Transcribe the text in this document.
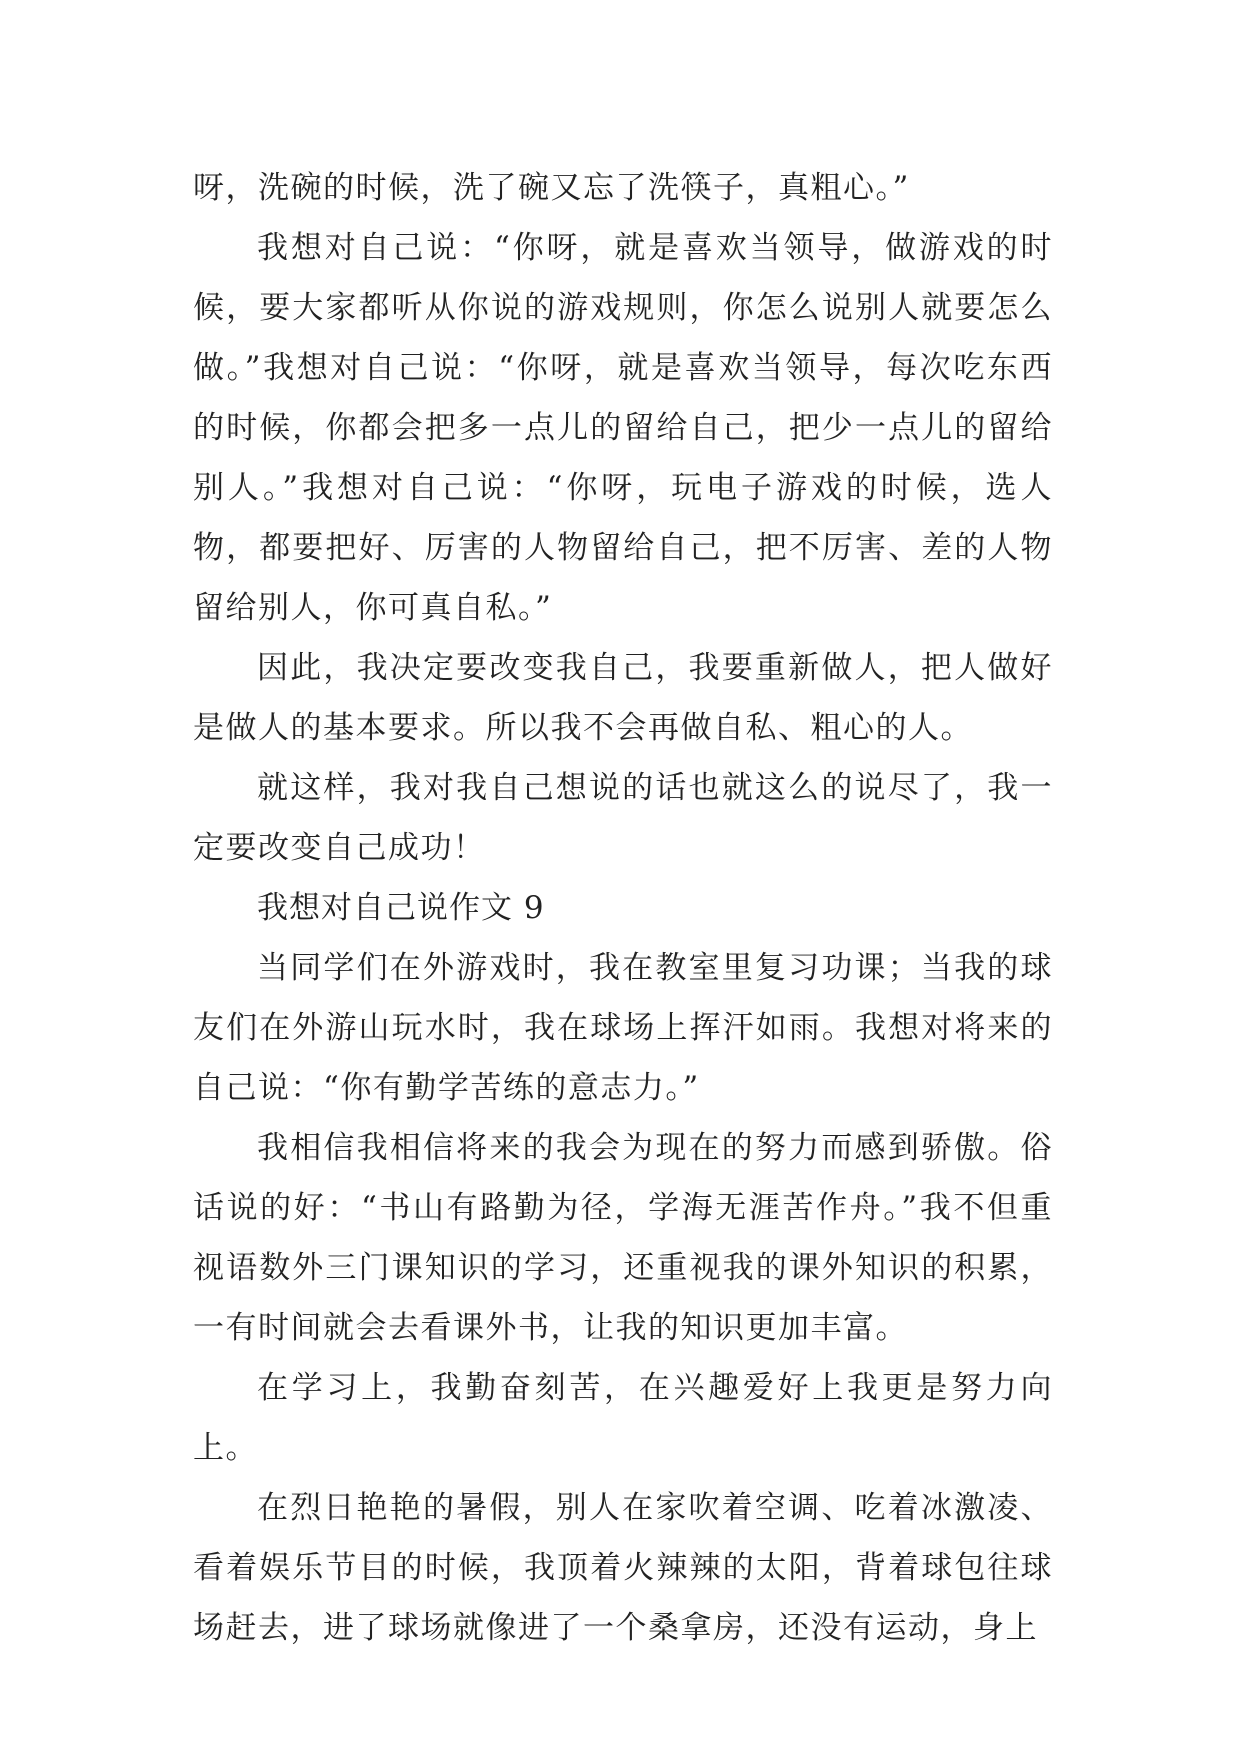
呀，洗碗的时候，洗了碗又忘了洗筷子，真粗心。”

我想对自己说：“你呀，就是喜欢当领导，做游戏的时候，要大家都听从你说的游戏规则，你怎么说别人就要怎么做。”我想对自己说：“你呀，就是喜欢当领导，每次吃东西的时候，你都会把多一点儿的留给自己，把少一点儿的留给别人。”我想对自己说：“你呀，玩电子游戏的时候，选人物，都要把好、厉害的人物留给自己，把不厉害、差的人物留给别人，你可真自私。”

因此，我决定要改变我自己，我要重新做人，把人做好是做人的基本要求。所以我不会再做自私、粗心的人。

就这样，我对我自己想说的话也就这么的说尽了，我一定要改变自己成功！

我想对自己说作文 9

当同学们在外游戏时，我在教室里复习功课；当我的球友们在外游山玩水时，我在球场上挥汗如雨。我想对将来的自己说：“你有勤学苦练的意志力。”

我相信我相信将来的我会为现在的努力而感到骄傲。俗话说的好：“书山有路勤为径，学海无涯苦作舟。”我不但重视语数外三门课知识的学习，还重视我的课外知识的积累，一有时间就会去看课外书，让我的知识更加丰富。

在学习上，我勤奋刻苦，在兴趣爱好上我更是努力向上。

在烈日艳艳的暑假，别人在家吹着空调、吃着冰激凌、看着娱乐节目的时候，我顶着火辣辣的太阳，背着球包往球场赶去，进了球场就像进了一个桑拿房，还没有运动，身上
